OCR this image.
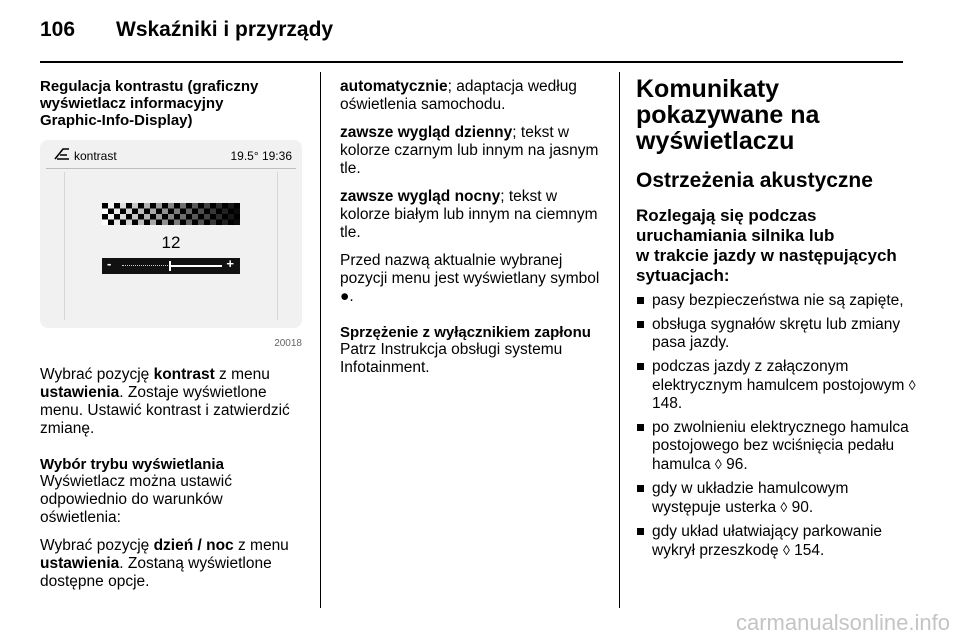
106 Wskaźniki i przyrządy
Regulacja kontrastu (graficzny
wyświetlacz informacyjny
Graphic-Info-Display)
kontrast	19.5° 19:36
12
-	+
20018

Wybrać pozycję kontrast z menu ustawienia. Zostaje wyświetlone menu. Ustawić kontrast i zatwierdzić zmianę.

Wybór trybu wyświetlania

Wyświetlacz można ustawić odpowiednio do warunków oświetlenia:

Wybrać pozycję dzień / noc z menu ustawienia. Zostaną wyświetlone dostępne opcje.

automatycznie; adaptacja według oświetlenia samochodu.

zawsze wygląd dzienny; tekst w kolorze czarnym lub innym na jasnym tle.

zawsze wygląd nocny; tekst w kolorze białym lub innym na ciemnym tle.

Przed nazwą aktualnie wybranej pozycji menu jest wyświetlany symbol ●.

Sprzężenie z wyłącznikiem zapłonu

Patrz Instrukcja obsługi systemu Infotainment.

Komunikaty
pokazywane na
wyświetlaczu
Ostrzeżenia akustyczne
Rozlegają się podczas
uruchamiania silnika lub
w trakcie jazdy w następujących
sytuacjach:
pasy bezpieczeństwa nie są zapięte,
obsługa sygnałów skrętu lub zmiany pasa jazdy.
podczas jazdy z załączonym elektrycznym hamulcem postojowym ◊ 148.
po zwolnieniu elektrycznego hamulca postojowego bez wciśnięcia pedału hamulca ◊ 96.
gdy w układzie hamulcowym występuje usterka ◊ 90.
gdy układ ułatwiający parkowanie wykrył przeszkodę ◊ 154.
carmanualsonline.info
